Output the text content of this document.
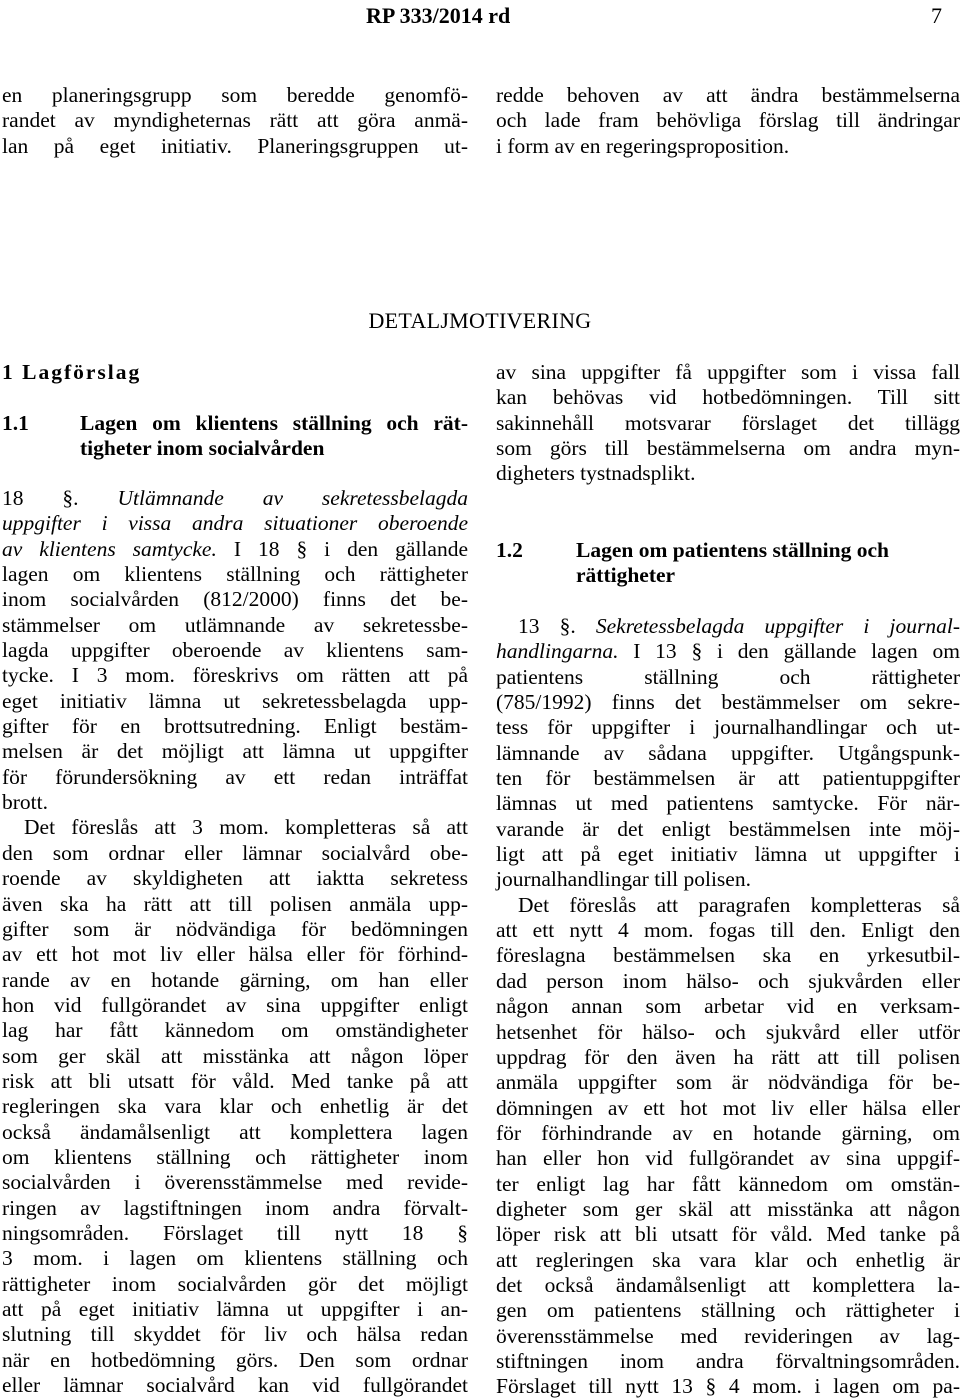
RP 333/2014 rd	7
en planeringsgrupp som beredde genomfö-
randet av myndigheternas rätt att göra anmä-
lan på eget initiativ. Planeringsgruppen ut-
redde behoven av att ändra bestämmelserna
och lade fram behövliga förslag till ändringar
i form av en regeringsproposition.
DETALJMOTIVERING
1 Lagförslag
1.1 Lagen om klientens ställning och rät-
tigheter inom socialvården
18 §. Utlämnande av sekretessbelagda
uppgifter i vissa andra situationer oberoende
av klientens samtycke. I 18 § i den gällande
lagen om klientens ställning och rättigheter
inom socialvården (812/2000) finns det be-
stämmelser om utlämnande av sekretessbe-
lagda uppgifter oberoende av klientens sam-
tycke. I 3 mom. föreskrivs om rätten att på
eget initiativ lämna ut sekretessbelagda upp-
gifter för en brottsutredning. Enligt bestäm-
melsen är det möjligt att lämna ut uppgifter
för förundersökning av ett redan inträffat
brott.
Det föreslås att 3 mom. kompletteras så att
den som ordnar eller lämnar socialvård obe-
roende av skyldigheten att iaktta sekretess
även ska ha rätt att till polisen anmäla upp-
gifter som är nödvändiga för bedömningen
av ett hot mot liv eller hälsa eller för förhind-
rande av en hotande gärning, om han eller
hon vid fullgörandet av sina uppgifter enligt
lag har fått kännedom om omständigheter
som ger skäl att misstänka att någon löper
risk att bli utsatt för våld. Med tanke på att
regleringen ska vara klar och enhetlig är det
också ändamålsenligt att komplettera lagen
om klientens ställning och rättigheter inom
socialvården i överensstämmelse med revide-
ringen av lagstiftningen inom andra förvalt-
ningsområden. Förslaget till nytt 18 §
3 mom. i lagen om klientens ställning och
rättigheter inom socialvården gör det möjligt
att på eget initiativ lämna ut uppgifter i an-
slutning till skyddet för liv och hälsa redan
när en hotbedömning görs. Den som ordnar
eller lämnar socialvård kan vid fullgörandet
av sina uppgifter få uppgifter som i vissa fall
kan behövas vid hotbedömningen. Till sitt
sakinnehåll motsvarar förslaget det tillägg
som görs till bestämmelserna om andra myn-
digheters tystnadsplikt.
1.2 Lagen om patientens ställning och
rättigheter
13 §. Sekretessbelagda uppgifter i journal-
handlingarna. I 13 § i den gällande lagen om
patientens ställning och rättigheter
(785/1992) finns det bestämmelser om sekre-
tess för uppgifter i journalhandlingar och ut-
lämnande av sådana uppgifter. Utgångspunk-
ten för bestämmelsen är att patientuppgifter
lämnas ut med patientens samtycke. För när-
varande är det enligt bestämmelsen inte möj-
ligt att på eget initiativ lämna ut uppgifter i
journalhandlingar till polisen.
Det föreslås att paragrafen kompletteras så
att ett nytt 4 mom. fogas till den. Enligt den
föreslagna bestämmelsen ska en yrkesutbil-
dad person inom hälso- och sjukvården eller
någon annan som arbetar vid en verksam-
hetsenhet för hälso- och sjukvård eller utför
uppdrag för den även ha rätt att till polisen
anmäla uppgifter som är nödvändiga för be-
dömningen av ett hot mot liv eller hälsa eller
för förhindrande av en hotande gärning, om
han eller hon vid fullgörandet av sina uppgif-
ter enligt lag har fått kännedom om omstän-
digheter som ger skäl att misstänka att någon
löper risk att bli utsatt för våld. Med tanke på
att regleringen ska vara klar och enhetlig är
det också ändamålsenligt att komplettera la-
gen om patientens ställning och rättigheter i
överensstämmelse med revideringen av lag-
stiftningen inom andra förvaltningsområden.
Förslaget till nytt 13 § 4 mom. i lagen om pa-
